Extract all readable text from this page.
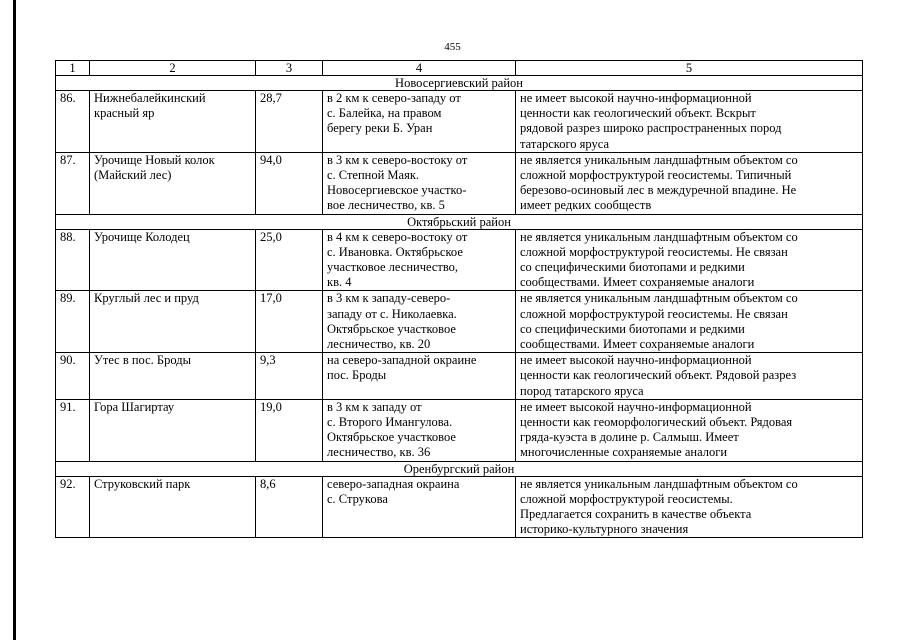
455
1	2	3	4	5
Новосергиевский район				
86.	Нижнебалейкинский
красный яр	28,7	в 2 км к северо-западу от
с. Балейка, на правом
берегу реки Б. Уран	не имеет высокой научно-информационной
ценности как геологический объект. Вскрыт
рядовой разрез широко распространенных пород
татарского яруса
87.	Урочище Новый колок
(Майский лес)	94,0	в 3 км к северо-востоку от
с. Степной Маяк.
Новосергиевское участко-
вое лесничество, кв. 5	не является уникальным ландшафтным объектом со
сложной морфоструктурой геосистемы. Типичный
березово-осиновый лес в междуречной впадине. Не
имеет редких сообществ
Октябрьский район				
88.	Урочище Колодец	25,0	в 4 км к северо-востоку от
с. Ивановка. Октябрьское
участковое лесничество,
кв. 4	не является уникальным ландшафтным объектом со
сложной морфоструктурой геосистемы. Не связан
со специфическими биотопами и редкими
сообществами. Имеет сохраняемые аналоги
89.	Круглый лес и пруд	17,0	в 3 км к западу-северо-
западу от с. Николаевка.
Октябрьское участковое
лесничество, кв. 20	не является уникальным ландшафтным объектом со
сложной морфоструктурой геосистемы. Не связан
со специфическими биотопами и редкими
сообществами. Имеет сохраняемые аналоги
90.	Утес в пос. Броды	9,3	на северо-западной окраине
пос. Броды	не имеет высокой научно-информационной
ценности как геологический объект. Рядовой разрез
пород татарского яруса
91.	Гора Шагиртау	19,0	в 3 км к западу от
с. Второго Имангулова.
Октябрьское участковое
лесничество, кв. 36	не имеет высокой научно-информационной
ценности как геоморфологический объект. Рядовая
гряда-куэста в долине р. Салмыш. Имеет
многочисленные сохраняемые аналоги
Оренбургский район				
92.	Струковский парк	8,6	северо-западная окраина
с. Струкова	не является уникальным ландшафтным объектом со
сложной морфоструктурой геосистемы.
Предлагается сохранить в качестве объекта
историко-культурного значения
